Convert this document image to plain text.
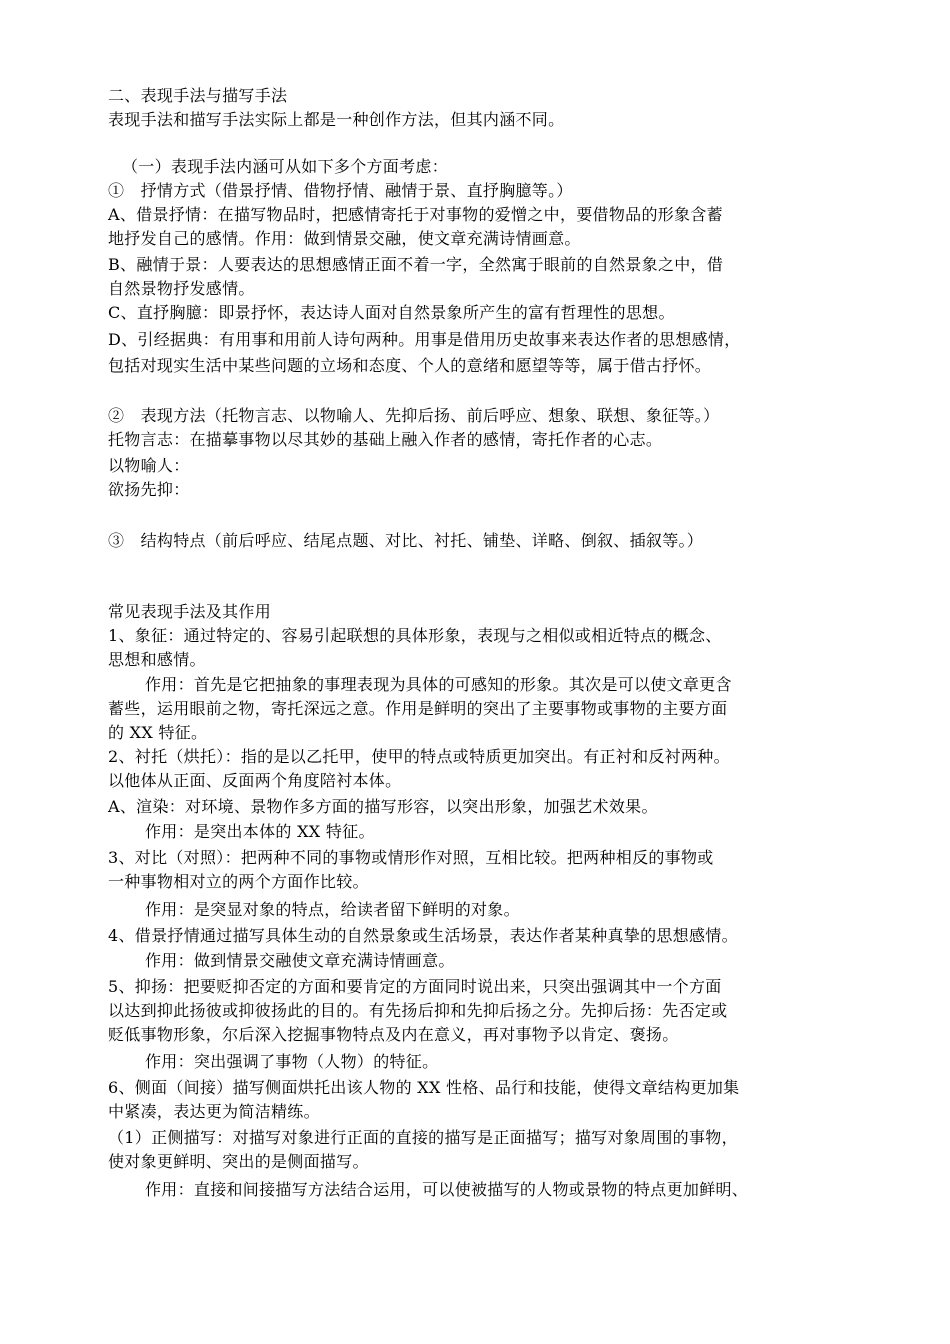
二、表现手法与描写手法
表现手法和描写手法实际上都是一种创作方法，但其内涵不同。
（一）表现手法内涵可从如下多个方面考虑：
①　抒情方式（借景抒情、借物抒情、融情于景、直抒胸臆等。）
A、借景抒情：在描写物品时，把感情寄托于对事物的爱憎之中，要借物品的形象含蓄
地抒发自己的感情。作用：做到情景交融，使文章充满诗情画意。
B、融情于景：人要表达的思想感情正面不着一字，全然寓于眼前的自然景象之中，借
自然景物抒发感情。
C、直抒胸臆：即景抒怀，表达诗人面对自然景象所产生的富有哲理性的思想。
D、引经据典：有用事和用前人诗句两种。用事是借用历史故事来表达作者的思想感情，
包括对现实生活中某些问题的立场和态度、个人的意绪和愿望等等，属于借古抒怀。
②　表现方法（托物言志、以物喻人、先抑后扬、前后呼应、想象、联想、象征等。）
托物言志：在描摹事物以尽其妙的基础上融入作者的感情，寄托作者的心志。
以物喻人：
欲扬先抑：
③　结构特点（前后呼应、结尾点题、对比、衬托、铺垫、详略、倒叙、插叙等。）
常见表现手法及其作用
1、象征：通过特定的、容易引起联想的具体形象，表现与之相似或相近特点的概念、
思想和感情。
作用：首先是它把抽象的事理表现为具体的可感知的形象。其次是可以使文章更含
蓄些，运用眼前之物，寄托深远之意。作用是鲜明的突出了主要事物或事物的主要方面
的 XX 特征。
2、衬托（烘托）：指的是以乙托甲，使甲的特点或特质更加突出。有正衬和反衬两种。
以他体从正面、反面两个角度陪衬本体。
A、渲染：对环境、景物作多方面的描写形容，以突出形象，加强艺术效果。
作用：是突出本体的 XX 特征。
3、对比（对照）：把两种不同的事物或情形作对照，互相比较。把两种相反的事物或
一种事物相对立的两个方面作比较。
作用：是突显对象的特点，给读者留下鲜明的对象。
4、借景抒情通过描写具体生动的自然景象或生活场景，表达作者某种真挚的思想感情。
作用：做到情景交融使文章充满诗情画意。
5、抑扬：把要贬抑否定的方面和要肯定的方面同时说出来，只突出强调其中一个方面
以达到抑此扬彼或抑彼扬此的目的。有先扬后抑和先抑后扬之分。先抑后扬：先否定或
贬低事物形象，尔后深入挖掘事物特点及内在意义，再对事物予以肯定、褒扬。
作用：突出强调了事物（人物）的特征。
6、侧面（间接）描写侧面烘托出该人物的 XX 性格、品行和技能，使得文章结构更加集
中紧凑，表达更为简洁精练。
（1）正侧描写：对描写对象进行正面的直接的描写是正面描写；描写对象周围的事物，
使对象更鲜明、突出的是侧面描写。
作用：直接和间接描写方法结合运用，可以使被描写的人物或景物的特点更加鲜明、
